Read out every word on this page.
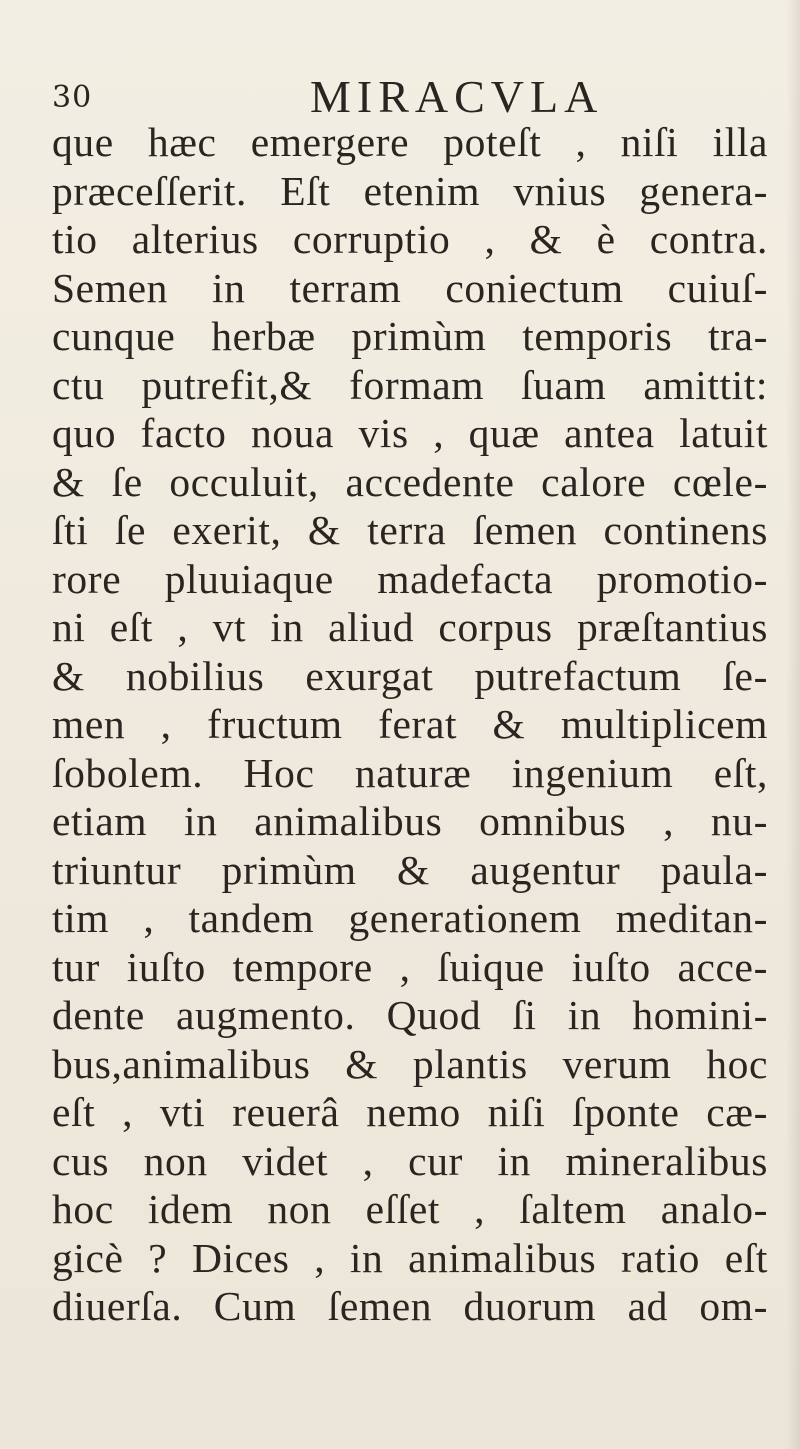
30	MIRACVLA
que hæc emergere poteſt , niſi illa
præceſſerit. Eſt etenim vnius genera-
tio alterius corruptio , & è contra.
Semen in terram coniectum cuiuſ-
cunque herbæ primùm temporis tra-
ctu putrefit,& formam ſuam amittit:
quo facto noua vis , quæ antea latuit
& ſe occuluit, accedente calore cœle-
ſti ſe exerit, & terra ſemen continens
rore pluuiaque madefacta promotio-
ni eſt , vt in aliud corpus præſtantius
& nobilius exurgat putrefactum ſe-
men , fructum ferat & multiplicem
ſobolem. Hoc naturæ ingenium eſt,
etiam in animalibus omnibus , nu-
triuntur primùm & augentur paula-
tim , tandem generationem meditan-
tur iuſto tempore , ſuique iuſto acce-
dente augmento. Quod ſi in homini-
bus,animalibus & plantis verum hoc
eſt , vti reuerâ nemo niſi ſponte cæ-
cus non videt , cur in mineralibus
hoc idem non eſſet , ſaltem analo-
gicè ? Dices , in animalibus ratio eſt
diuerſa. Cum ſemen duorum ad om-
